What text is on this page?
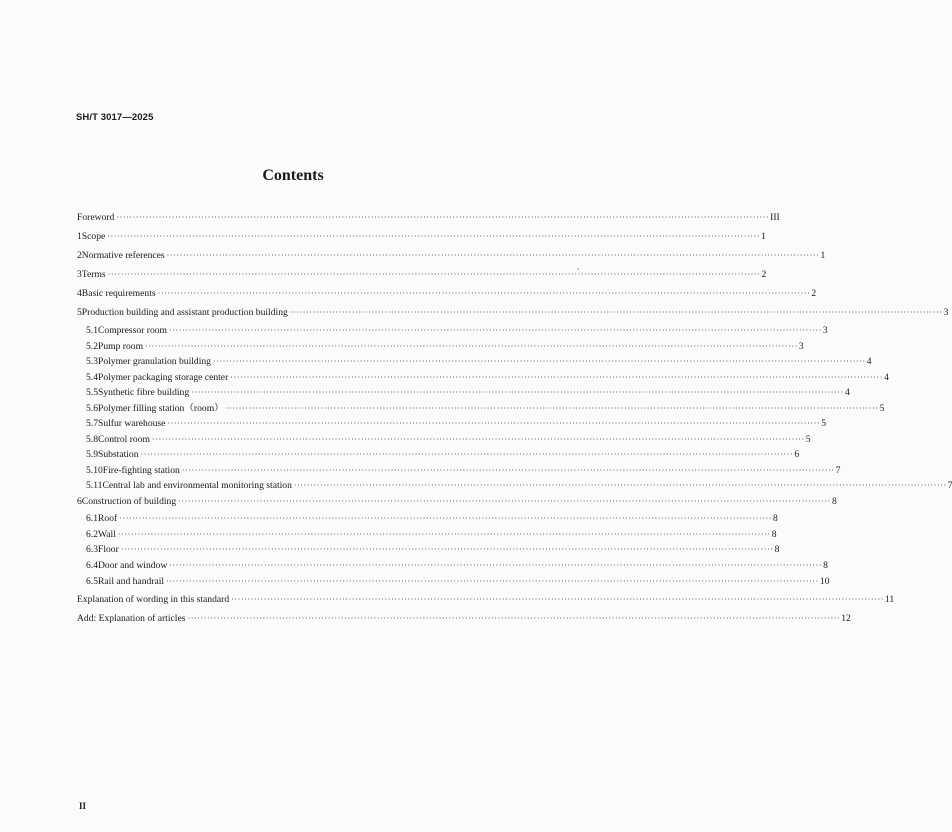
SH/T 3017—2025
Contents
Foreword ········································································································································································································ III
1 Scope ········································································································································································································ 1
2 Normative references ········································································································································································································ 1
3 Terms ········································································································································································································ 2
4 Basic requirements ········································································································································································································ 2
5 Production building and assistant production building ········································································································································································································ 3
5.1 Compressor room ········································································································································································································ 3
5.2 Pump room ········································································································································································································ 3
5.3 Polymer granulation building ········································································································································································································ 4
5.4 Polymer packaging storage center ········································································································································································································ 4
5.5 Synthetic fibre building ········································································································································································································ 4
5.6 Polymer filling station（room） ········································································································································································································ 5
5.7 Sulfur warehouse ········································································································································································································ 5
5.8 Control room ········································································································································································································ 5
5.9 Substation ········································································································································································································ 6
5.10 Fire-fighting station ········································································································································································································ 7
5.11 Central lab and environmental monitoring station ········································································································································································································ 7
6 Construction of building ········································································································································································································ 8
6.1 Roof ········································································································································································································ 8
6.2 Wall ········································································································································································································ 8
6.3 Floor ········································································································································································································ 8
6.4 Door and window ········································································································································································································ 8
6.5 Rail and handrail ········································································································································································································ 10
Explanation of wording in this standard ········································································································································································································ 11
Add: Explanation of articles ········································································································································································································ 12
II
